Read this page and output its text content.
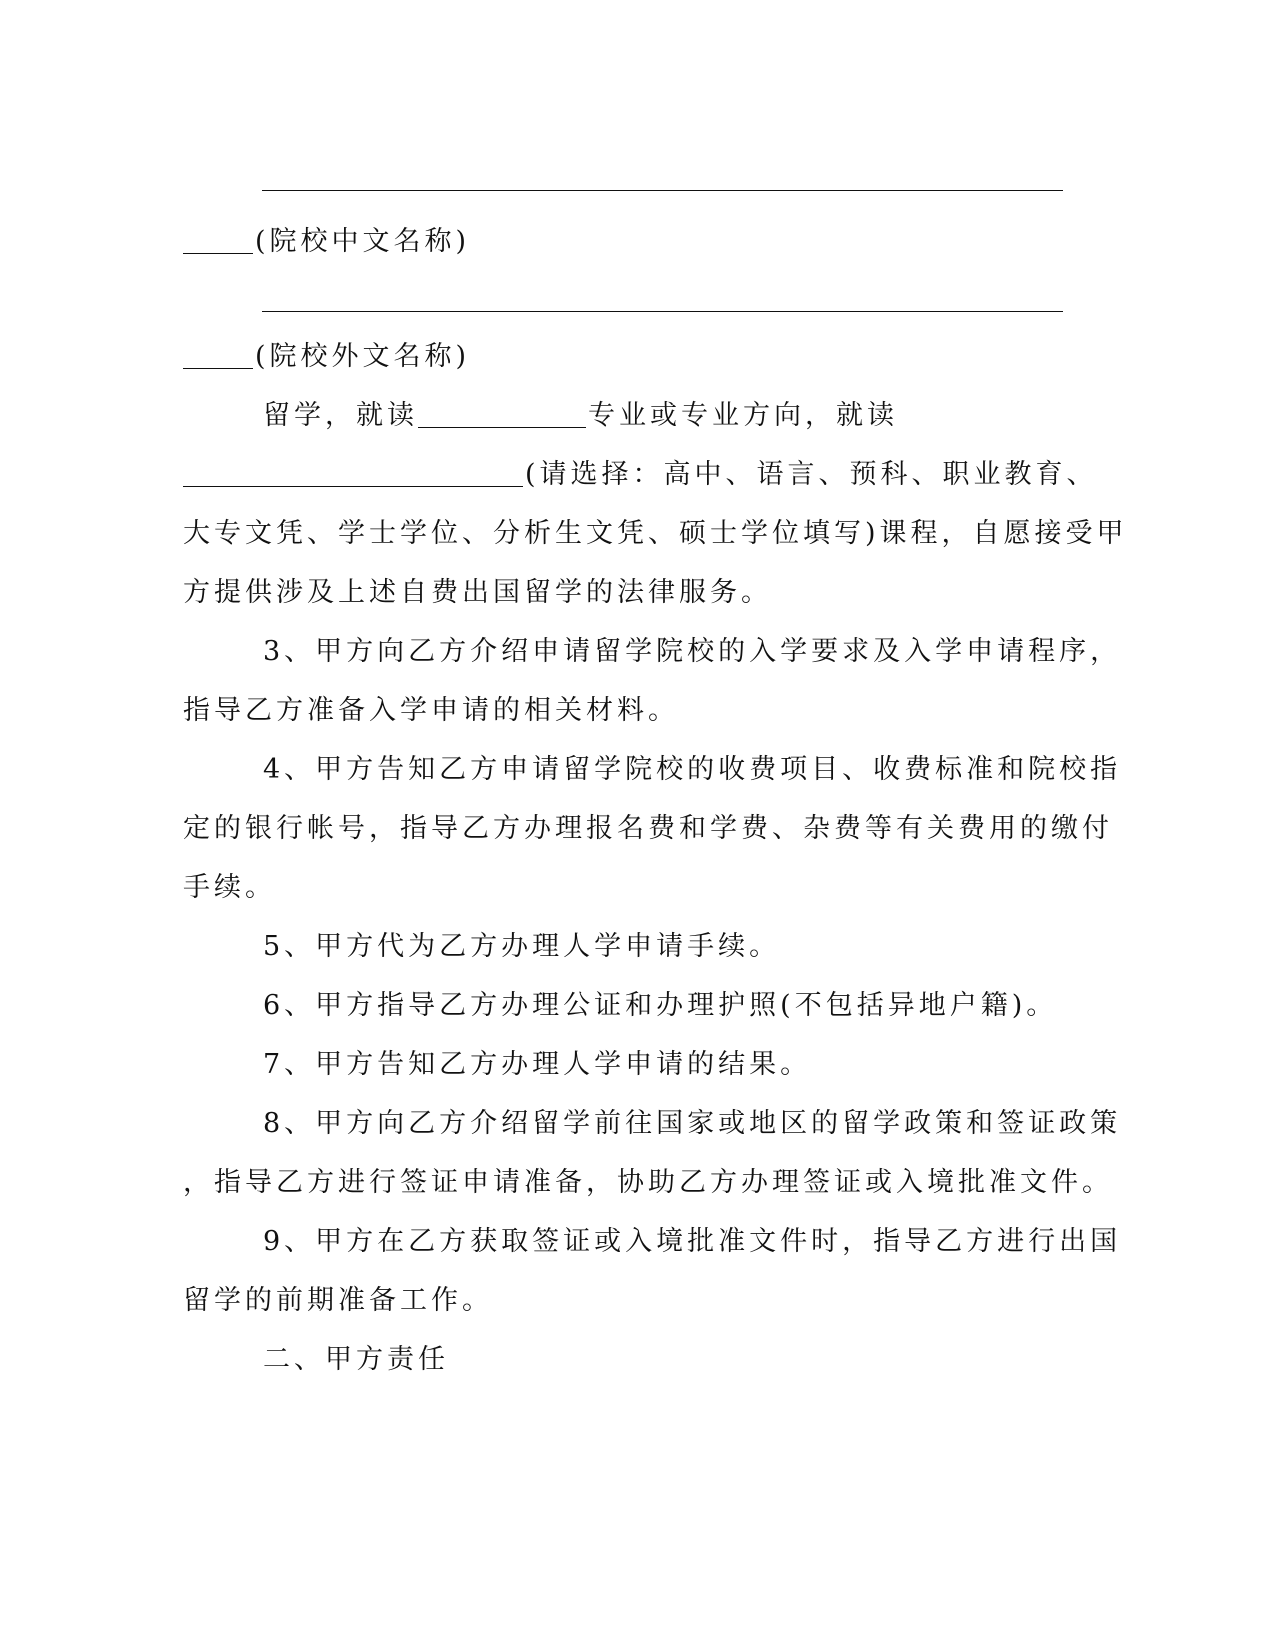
(院校中文名称)
(院校外文名称)
留学，就读	专业或专业方向，就读
(请选择：高中、语言、预科、职业教育、
大专文凭、学士学位、分析生文凭、硕士学位填写)课程，自愿接受甲
方提供涉及上述自费出国留学的法律服务。
3、甲方向乙方介绍申请留学院校的入学要求及入学申请程序，
指导乙方准备入学申请的相关材料。
4、甲方告知乙方申请留学院校的收费项目、收费标准和院校指
定的银行帐号，指导乙方办理报名费和学费、杂费等有关费用的缴付
手续。
5、甲方代为乙方办理人学申请手续。
6、甲方指导乙方办理公证和办理护照(不包括异地户籍)。
7、甲方告知乙方办理人学申请的结果。
8、甲方向乙方介绍留学前往国家或地区的留学政策和签证政策
，指导乙方进行签证申请准备，协助乙方办理签证或入境批准文件。
9、甲方在乙方获取签证或入境批准文件时，指导乙方进行出国
留学的前期准备工作。
二、甲方责任
